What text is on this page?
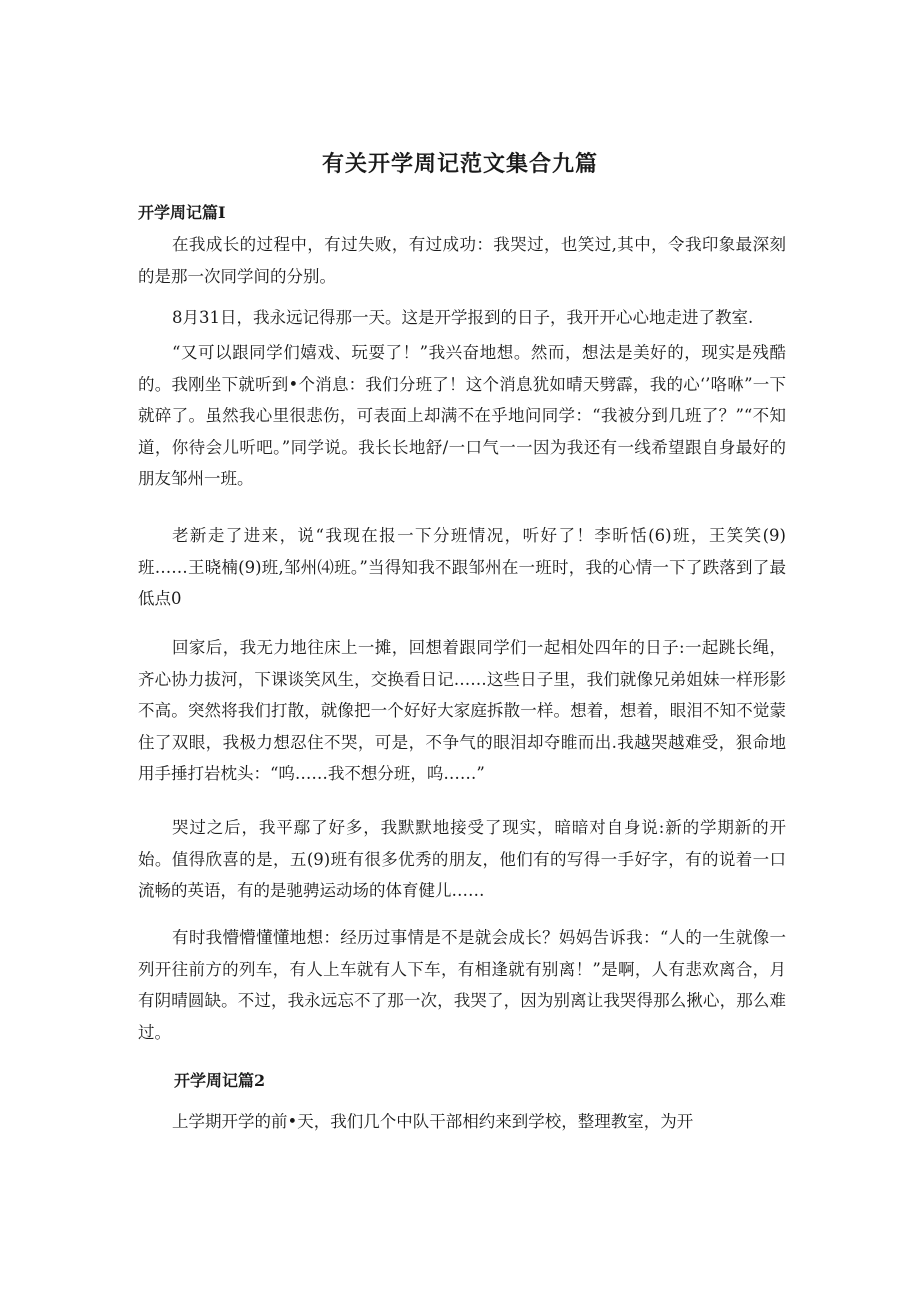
有关开学周记范文集合九篇
开学周记篇I

在我成长的过程中，有过失败，有过成功：我哭过，也笑过,其中，令我印象最深刻的是那一次同学间的分别。

8月31日，我永远记得那一天。这是开学报到的日子，我开开心心地走进了教室.

“又可以跟同学们嬉戏、玩耍了！”我兴奋地想。然而，想法是美好的，现实是残酷的。我刚坐下就听到•个消息：我们分班了！这个消息犹如晴天劈霹，我的心‘’咯咻”一下就碎了。虽然我心里很悲伤，可表面上却满不在乎地问同学：“我被分到几班了？”“不知道，你待会儿听吧。”同学说。我长长地舒/一口气一一因为我还有一线希望跟自身最好的朋友邹州一班。

老新走了进来，说“我现在报一下分班情况，听好了！李昕恬(6)班，王笑笑(9)班……王晓楠(9)班,邹州⑷班。”当得知我不跟邹州在一班时，我的心情一下了跌落到了最低点0

回家后，我无力地往床上一摊，回想着跟同学们一起相处四年的日子:一起跳长绳，齐心协力拔河，下课谈笑风生，交换看日记……这些日子里，我们就像兄弟姐妹一样形影不高。突然将我们打散，就像把一个好好大家庭拆散一样。想着，想着，眼泪不知不觉蒙住了双眼，我极力想忍住不哭，可是，不争气的眼泪却夺睢而出.我越哭越难受，狠命地用手捶打岩枕头：“呜……我不想分班，呜……”

哭过之后，我平鄢了好多，我默默地接受了现实，暗暗对自身说:新的学期新的开始。值得欣喜的是，五(9)班有很多优秀的朋友，他们有的写得一手好字，有的说着一口流畅的英语，有的是驰骋运动场的体育健儿……

有时我懵懵懂懂地想：经历过事情是不是就会成长？妈妈告诉我：“人的一生就像一列开往前方的列车，有人上车就有人下车，有相逢就有别离！”是啊，人有悲欢离合，月有阴晴圆缺。不过，我永远忘不了那一次，我哭了，因为别离让我哭得那么揪心，那么难过。

开学周记篇2

上学期开学的前•天，我们几个中队干部相约来到学校，整理教室，为开
